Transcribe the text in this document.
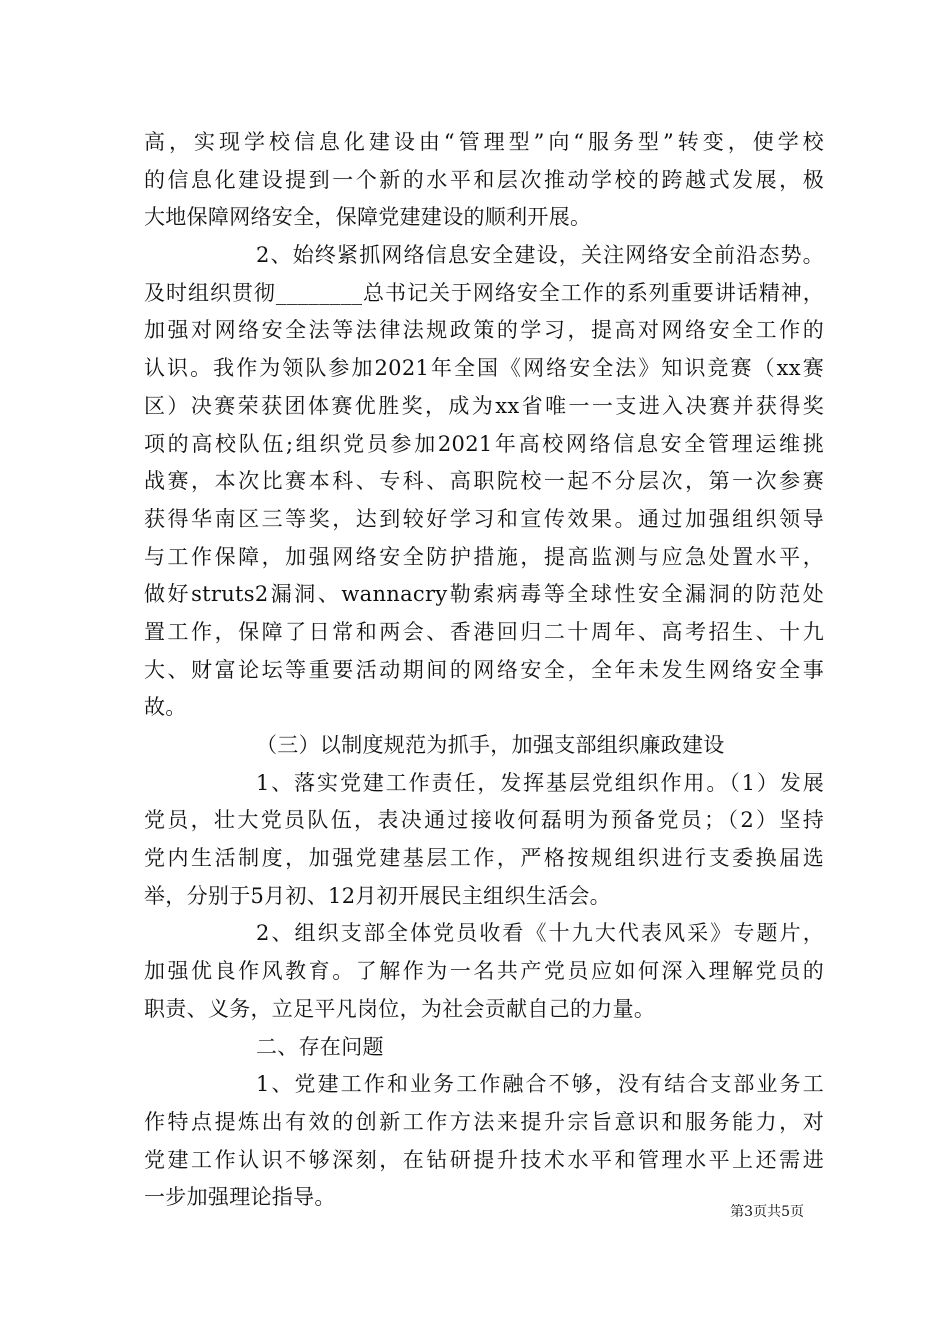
高，实现学校信息化建设由“管理型”向“服务型”转变，使学校
的信息化建设提到一个新的水平和层次推动学校的跨越式发展，极
大地保障网络安全，保障党建建设的顺利开展。
2、始终紧抓网络信息安全建设，关注网络安全前沿态势。
及时组织贯彻________总书记关于网络安全工作的系列重要讲话精神，
加强对网络安全法等法律法规政策的学习，提高对网络安全工作的
认识。我作为领队参加2021年全国《网络安全法》知识竞赛（xx赛
区）决赛荣获团体赛优胜奖，成为xx省唯一一支进入决赛并获得奖
项的高校队伍;组织党员参加2021年高校网络信息安全管理运维挑
战赛，本次比赛本科、专科、高职院校一起不分层次，第一次参赛
获得华南区三等奖，达到较好学习和宣传效果。通过加强组织领导
与工作保障，加强网络安全防护措施，提高监测与应急处置水平，
做好struts2漏洞、wannacry勒索病毒等全球性安全漏洞的防范处
置工作，保障了日常和两会、香港回归二十周年、高考招生、十九
大、财富论坛等重要活动期间的网络安全，全年未发生网络安全事
故。
（三）以制度规范为抓手，加强支部组织廉政建设
1、落实党建工作责任，发挥基层党组织作用。（1）发展
党员，壮大党员队伍，表决通过接收何磊明为预备党员；（2）坚持
党内生活制度，加强党建基层工作，严格按规组织进行支委换届选
举，分别于5月初、12月初开展民主组织生活会。
2、组织支部全体党员收看《十九大代表风采》专题片，
加强优良作风教育。了解作为一名共产党员应如何深入理解党员的
职责、义务，立足平凡岗位，为社会贡献自己的力量。
二、存在问题
1、党建工作和业务工作融合不够，没有结合支部业务工
作特点提炼出有效的创新工作方法来提升宗旨意识和服务能力，对
党建工作认识不够深刻，在钻研提升技术水平和管理水平上还需进
一步加强理论指导。
第3页共5页
